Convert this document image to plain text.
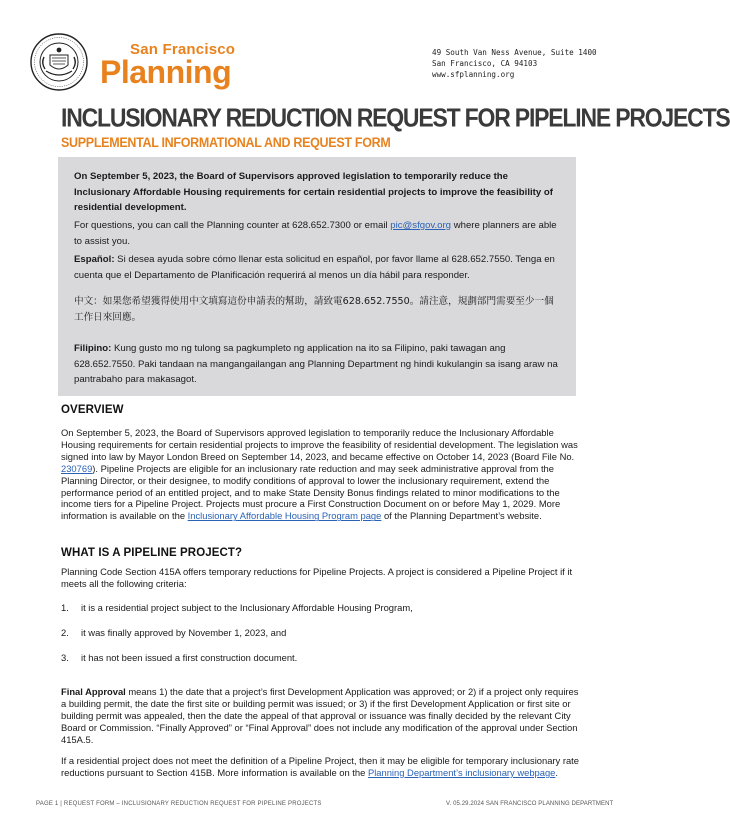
San Francisco
Planning
49 South Van Ness Avenue, Suite 1400
San Francisco, CA 94103
www.sfplanning.org
INCLUSIONARY REDUCTION REQUEST FOR PIPELINE PROJECTS
SUPPLEMENTAL INFORMATIONAL AND REQUEST FORM

On September 5, 2023, the Board of Supervisors approved legislation to temporarily reduce the Inclusionary Affordable Housing requirements for certain residential projects to improve the feasibility of residential development.

For questions, you can call the Planning counter at 628.652.7300 or email pic@sfgov.org where planners are able to assist you.

Español: Si desea ayuda sobre cómo llenar esta solicitud en español, por favor llame al 628.652.7550. Tenga en cuenta que el Departamento de Planificación requerirá al menos un día hábil para responder.

中文：如果您希望獲得使用中文填寫這份申請表的幫助，請致電628.652.7550。請注意，規劃部門需要至少一個工作日來回應。

Filipino: Kung gusto mo ng tulong sa pagkumpleto ng application na ito sa Filipino, paki tawagan ang 628.652.7550. Paki tandaan na mangangailangan ang Planning Department ng hindi kukulangin sa isang araw na pantrabaho para makasagot.

OVERVIEW

On September 5, 2023, the Board of Supervisors approved legislation to temporarily reduce the Inclusionary Affordable Housing requirements for certain residential projects to improve the feasibility of residential development. The legislation was signed into law by Mayor London Breed on September 14, 2023, and became effective on October 14, 2023 (Board File No. 230769). Pipeline Projects are eligible for an inclusionary rate reduction and may seek administrative approval from the Planning Director, or their designee, to modify conditions of approval to lower the inclusionary requirement, extend the performance period of an entitled project, and to make State Density Bonus findings related to minor modifications to the income tiers for a Pipeline Project. Projects must procure a First Construction Document on or before May 1, 2029. More information is available on the Inclusionary Affordable Housing Program page of the Planning Department’s website.

WHAT IS A PIPELINE PROJECT?

Planning Code Section 415A offers temporary reductions for Pipeline Projects. A project is considered a Pipeline Project if it meets all the following criteria:

1. it is a residential project subject to the Inclusionary Affordable Housing Program,
2. it was finally approved by November 1, 2023, and
3. it has not been issued a first construction document.

Final Approval means 1) the date that a project’s first Development Application was approved; or 2) if a project only requires a building permit, the date the first site or building permit was issued; or 3) if the first Development Application or first site or building permit was appealed, then the date the appeal of that approval or issuance was finally decided by the relevant City Board or Commission. “Finally Approved” or “Final Approval” does not include any modification of the approval under Section 415A.5.

If a residential project does not meet the definition of a Pipeline Project, then it may be eligible for temporary inclusionary rate reductions pursuant to Section 415B. More information is available on the Planning Department’s inclusionary webpage.

PAGE 1 | REQUEST FORM – INCLUSIONARY REDUCTION REQUEST FOR PIPELINE PROJECTS	V. 05.29.2024 SAN FRANCISCO PLANNING DEPARTMENT
